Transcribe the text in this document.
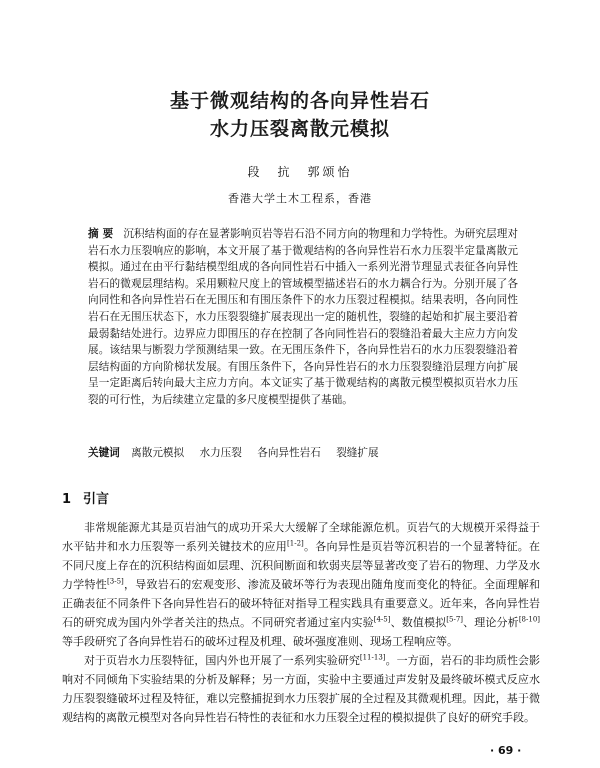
基于微观结构的各向异性岩石
水力压裂离散元模拟
段　抗　郭颂怡
香港大学土木工程系，香港

摘要 沉积结构面的存在显著影响页岩等岩石沿不同方向的物理和力学特性。为研究层理对岩石水力压裂响应的影响，本文开展了基于微观结构的各向异性岩石水力压裂半定量离散元模拟。通过在由平行黏结模型组成的各向同性岩石中插入一系列光滑节理显式表征各向异性岩石的微观层理结构。采用颗粒尺度上的管域模型描述岩石的水力耦合行为。分别开展了各向同性和各向异性岩石在无围压和有围压条件下的水力压裂过程模拟。结果表明，各向同性岩石在无围压状态下，水力压裂裂缝扩展表现出一定的随机性，裂缝的起始和扩展主要沿着最弱黏结处进行。边界应力即围压的存在控制了各向同性岩石的裂缝沿着最大主应力方向发展。该结果与断裂力学预测结果一致。在无围压条件下，各向异性岩石的水力压裂裂缝沿着层结构面的方向阶梯状发展。有围压条件下，各向异性岩石的水力压裂裂缝沿层理方向扩展呈一定距离后转向最大主应力方向。本文证实了基于微观结构的离散元模型模拟页岩水力压裂的可行性，为后续建立定量的多尺度模型提供了基础。

关键词 离散元模拟 水力压裂 各向异性岩石 裂缝扩展
1 引言

非常规能源尤其是页岩油气的成功开采大大缓解了全球能源危机。页岩气的大规模开采得益于水平钻井和水力压裂等一系列关键技术的应用[1-2]。各向异性是页岩等沉积岩的一个显著特征。在不同尺度上存在的沉积结构面如层理、沉积间断面和软弱夹层等显著改变了岩石的物理、力学及水力学特性[3-5]，导致岩石的宏观变形、渗流及破坏等行为表现出随角度而变化的特征。全面理解和正确表征不同条件下各向异性岩石的破坏特征对指导工程实践具有重要意义。近年来，各向异性岩石的研究成为国内外学者关注的热点。不同研究者通过室内实验[4-5]、数值模拟[5-7]、理论分析[8-10]等手段研究了各向异性岩石的破坏过程及机理、破坏强度准则、现场工程响应等。

对于页岩水力压裂特征，国内外也开展了一系列实验研究[11-13]。一方面，岩石的非均质性会影响对不同倾角下实验结果的分析及解释；另一方面，实验中主要通过声发射及最终破坏模式反应水力压裂裂缝破坏过程及特征，难以完整捕捉到水力压裂扩展的全过程及其微观机理。因此，基于微观结构的离散元模型对各向异性岩石特性的表征和水力压裂全过程的模拟提供了良好的研究手段。

· 69 ·
